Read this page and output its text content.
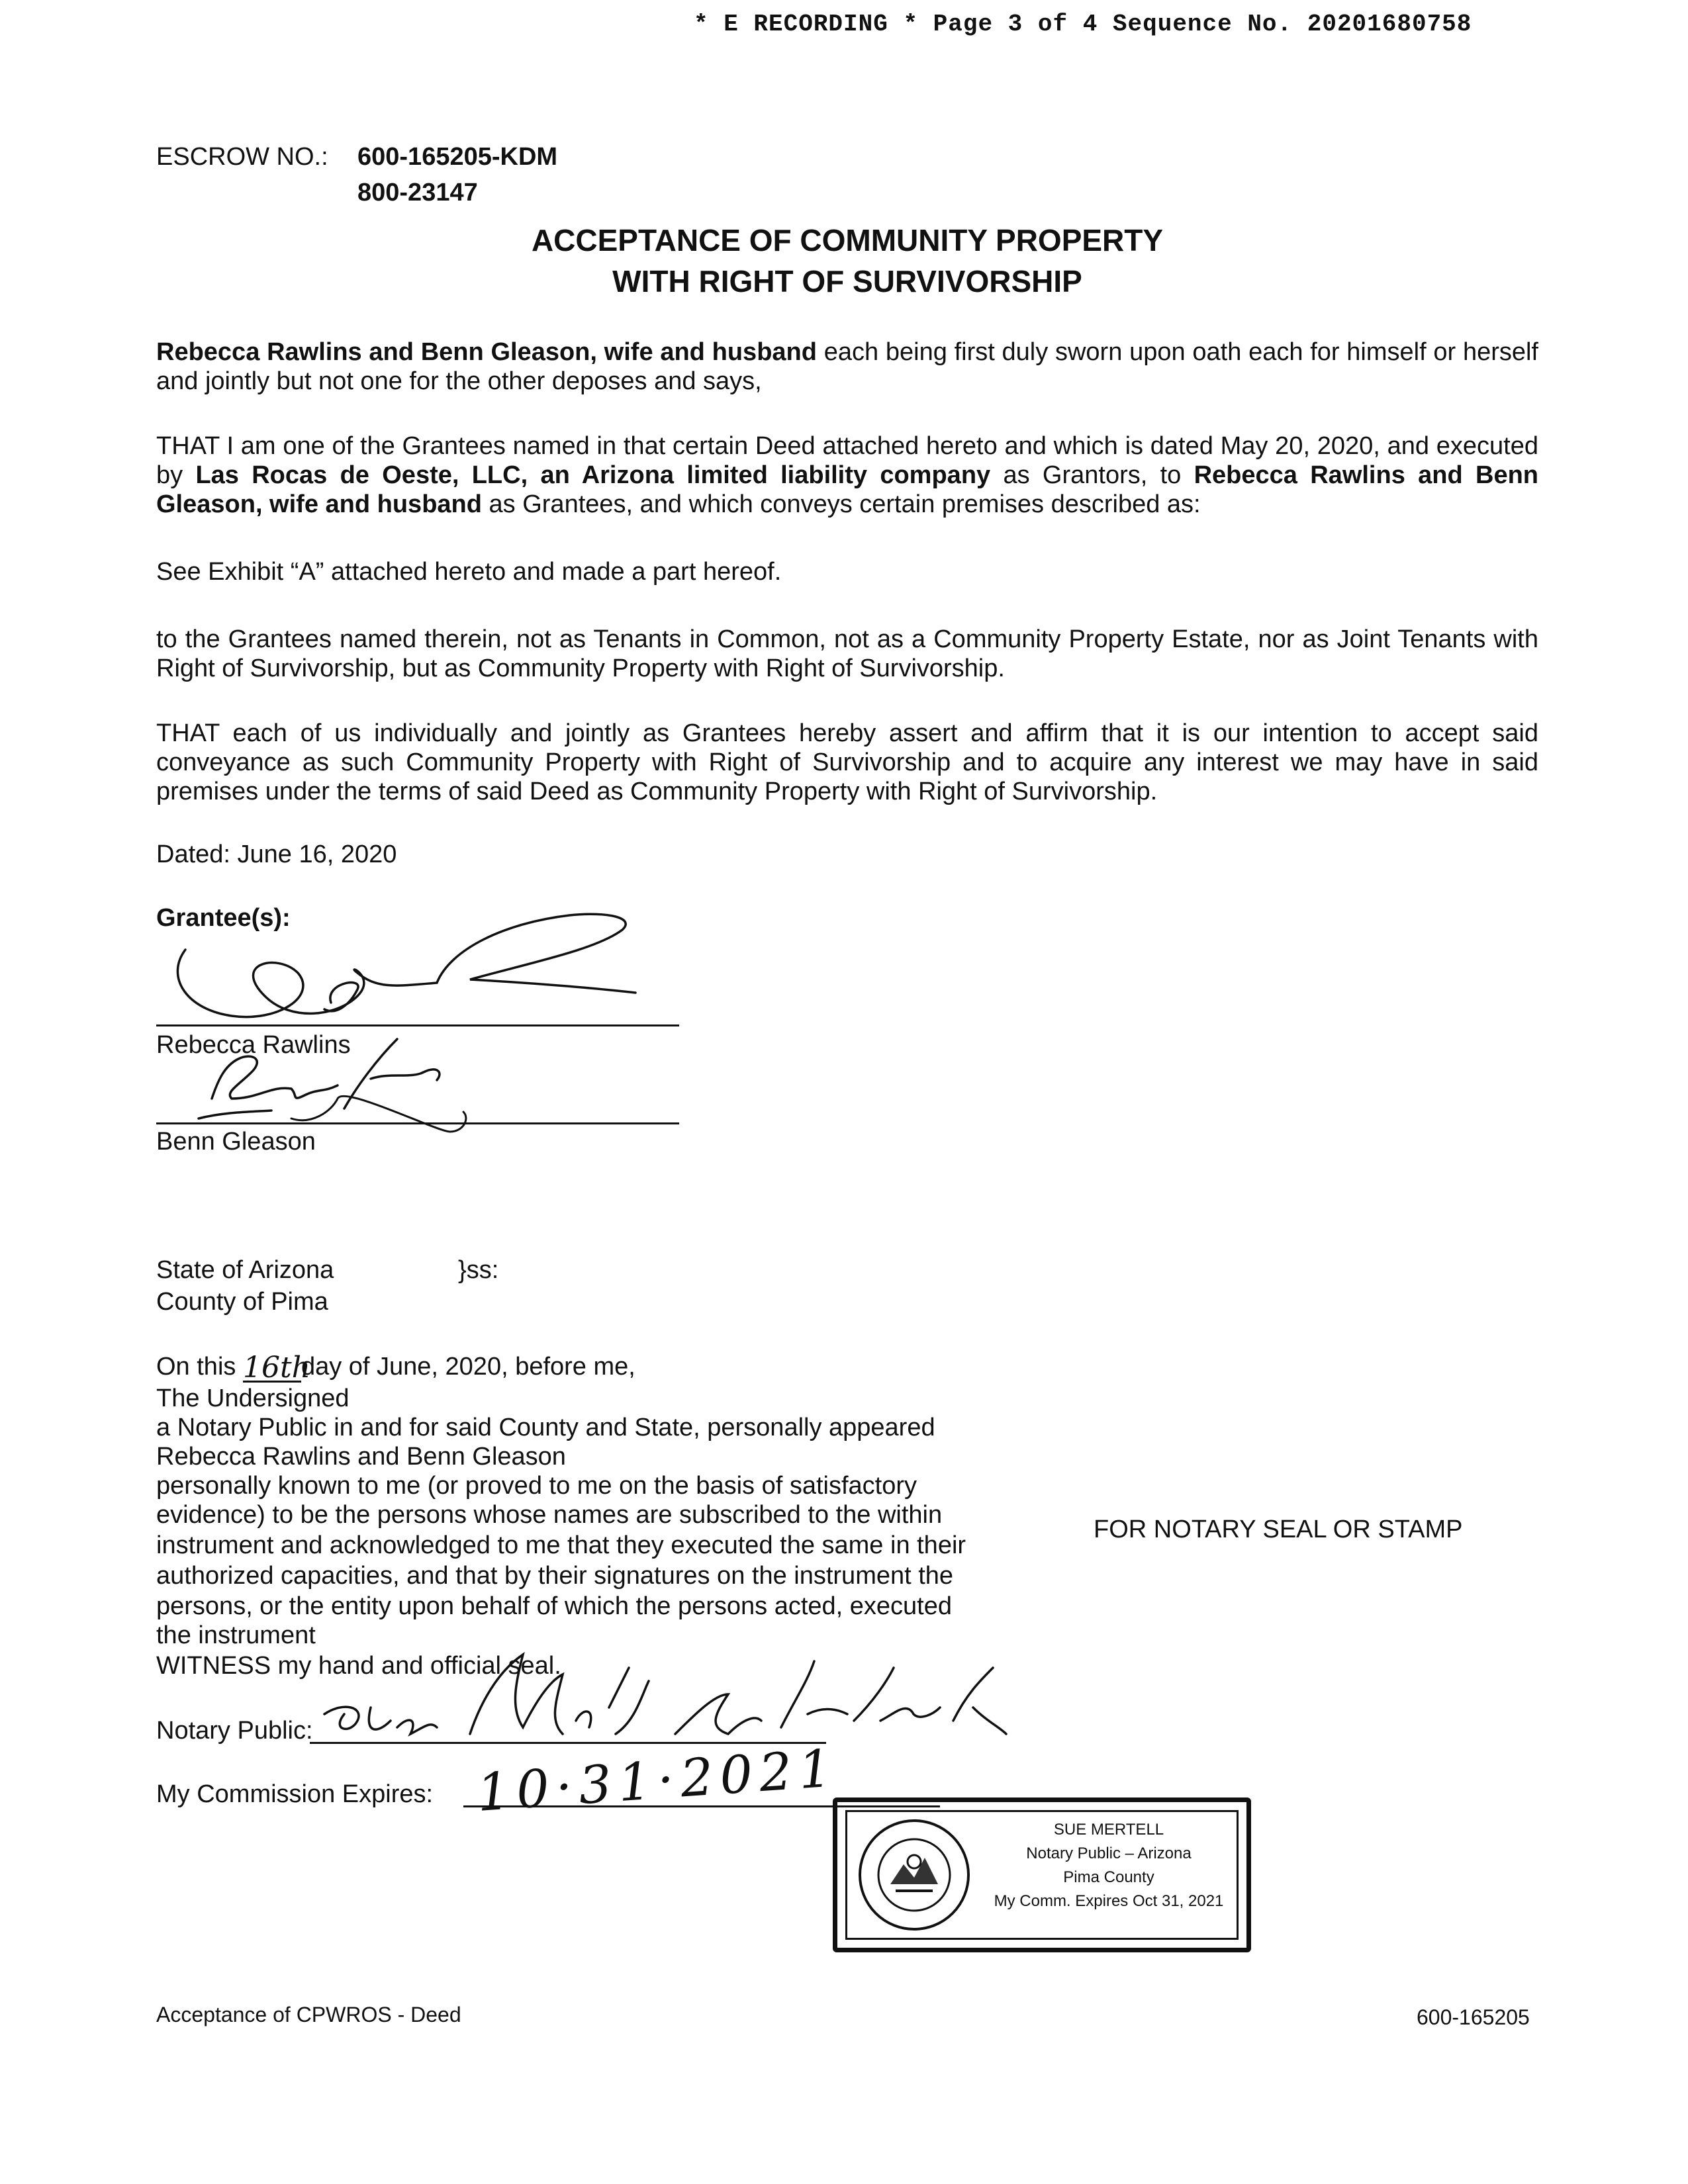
* E RECORDING * Page 3 of 4 Sequence No. 20201680758
ESCROW NO.: 600-165205-KDM
800-23147
ACCEPTANCE OF COMMUNITY PROPERTY
WITH RIGHT OF SURVIVORSHIP
Rebecca Rawlins and Benn Gleason, wife and husband each being first duly sworn upon oath each for himself or herself and jointly but not one for the other deposes and says,
THAT I am one of the Grantees named in that certain Deed attached hereto and which is dated May 20, 2020, and executed by Las Rocas de Oeste, LLC, an Arizona limited liability company as Grantors, to Rebecca Rawlins and Benn Gleason, wife and husband as Grantees, and which conveys certain premises described as:
See Exhibit “A” attached hereto and made a part hereof.
to the Grantees named therein, not as Tenants in Common, not as a Community Property Estate, nor as Joint Tenants with Right of Survivorship, but as Community Property with Right of Survivorship.
THAT each of us individually and jointly as Grantees hereby assert and affirm that it is our intention to accept said conveyance as such Community Property with Right of Survivorship and to acquire any interest we may have in said premises under the terms of said Deed as Community Property with Right of Survivorship.
Dated: June 16, 2020
Grantee(s):
Rebecca Rawlins
Benn Gleason
State of Arizona	}ss:
County of Pima
On this 16thday of June, 2020, before me,
The Undersigned
a Notary Public in and for said County and State, personally appeared
Rebecca Rawlins and Benn Gleason
personally known to me (or proved to me on the basis of satisfactory
evidence) to be the persons whose names are subscribed to the within
instrument and acknowledged to me that they executed the same in their
authorized capacities, and that by their signatures on the instrument the
persons, or the entity upon behalf of which the persons acted, executed
the instrument
WITNESS my hand and official seal.
FOR NOTARY SEAL OR STAMP
Notary Public:
My Commission Expires: 10·31·2021
SUE MERTELL
Notary Public – Arizona
Pima County
My Comm. Expires Oct 31, 2021
Acceptance of CPWROS - Deed	600-165205
